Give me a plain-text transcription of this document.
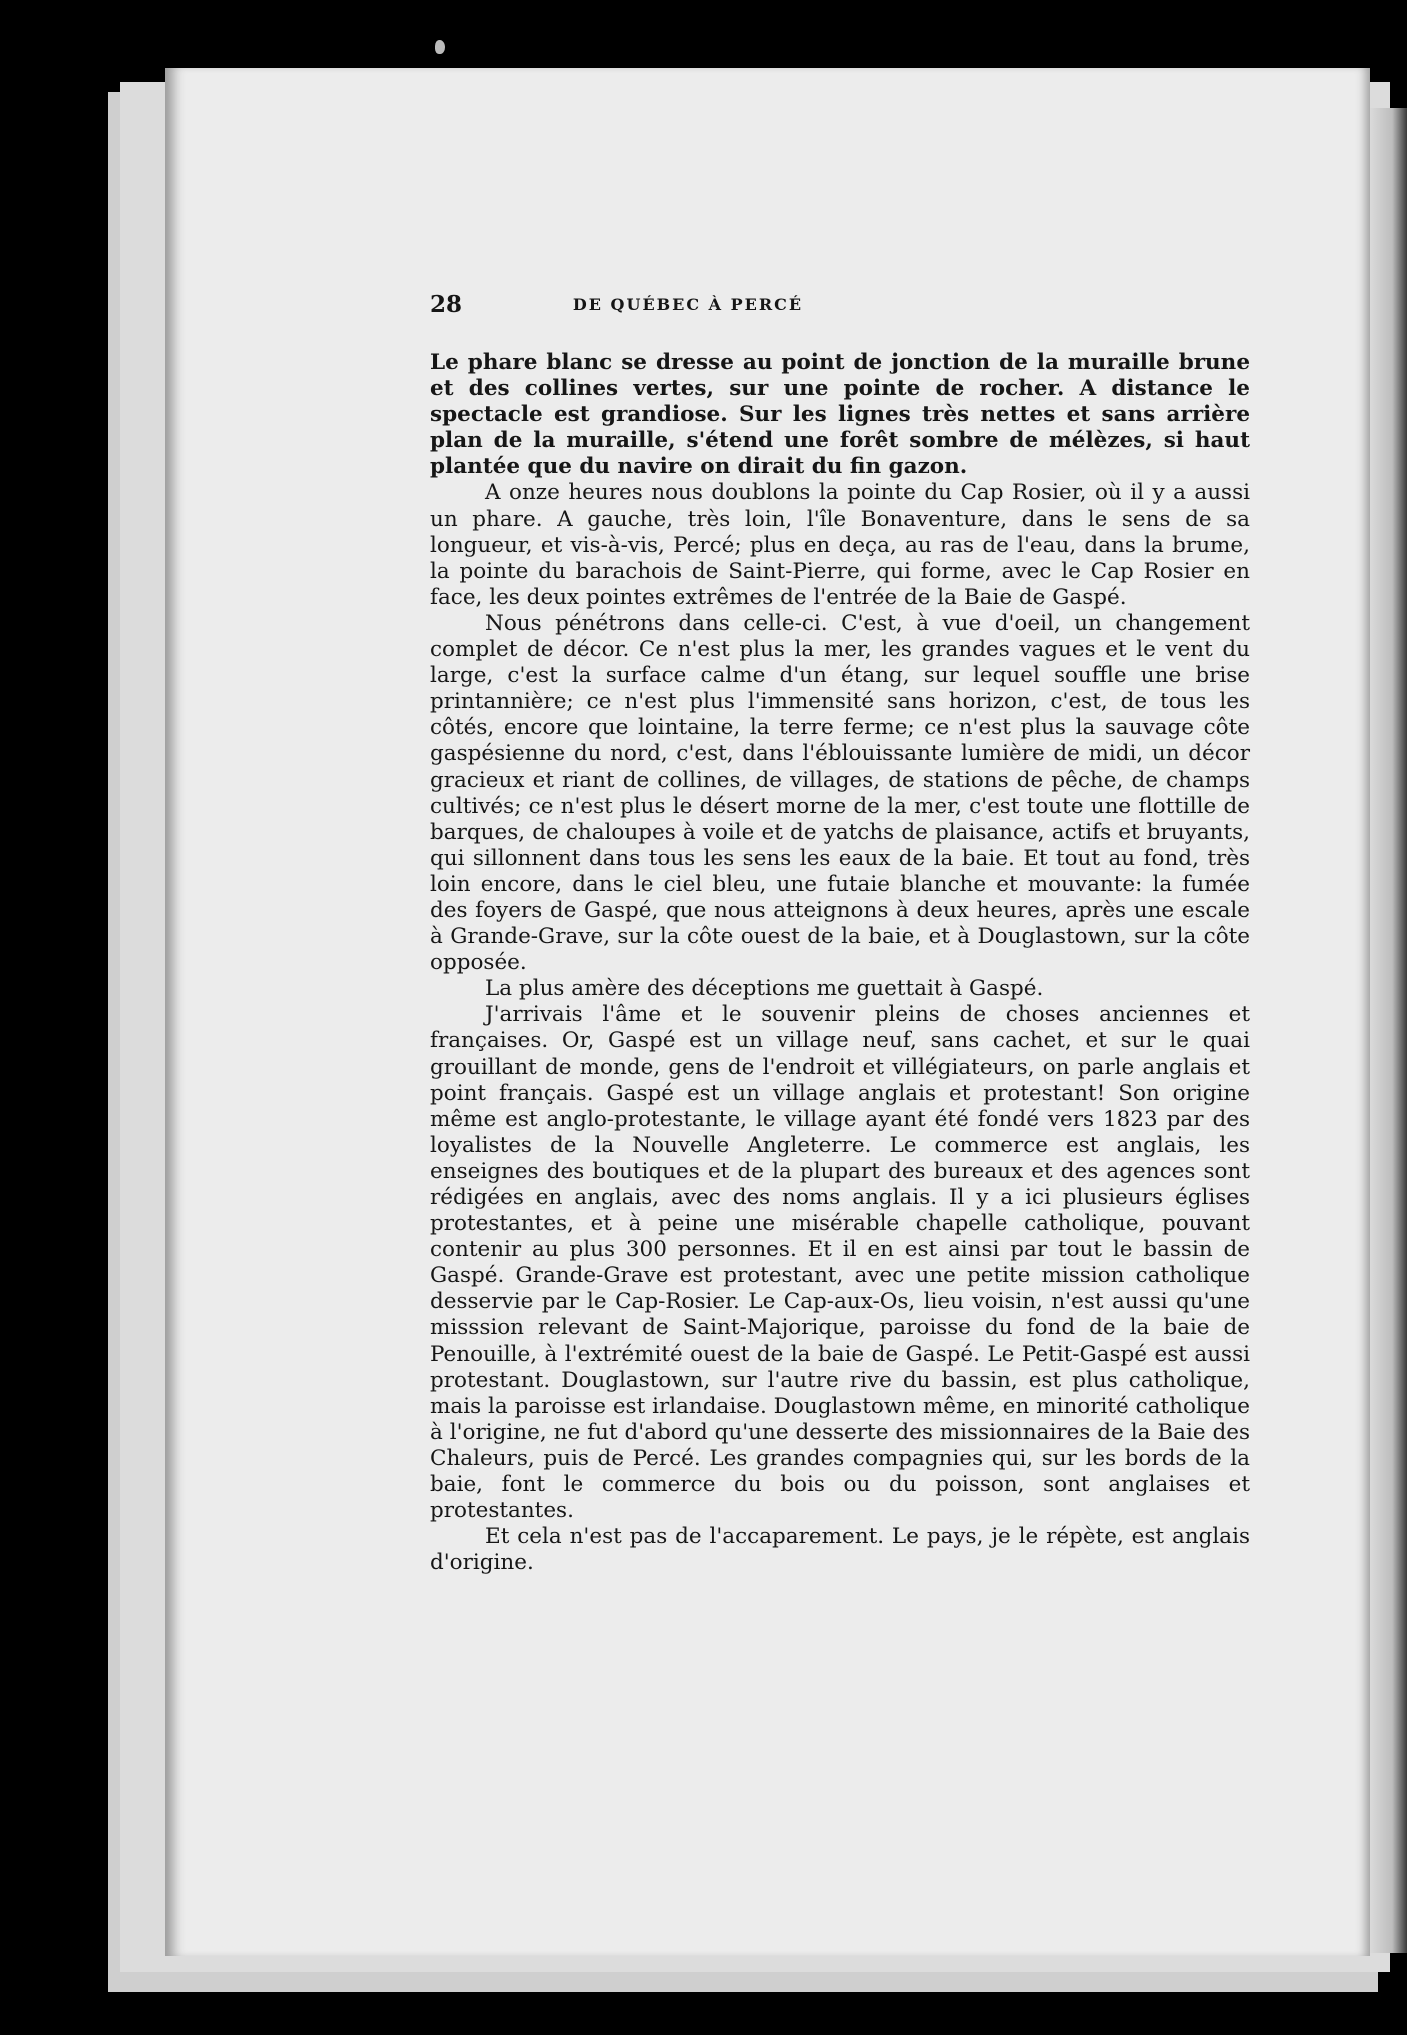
28	DE QUÉBEC À PERCÉ

Le phare blanc se dresse au point de jonction de la muraille brune et des collines vertes, sur une pointe de rocher. A distance le spectacle est grandiose. Sur les lignes très nettes et sans arrière plan de la muraille, s'étend une forêt sombre de mélèzes, si haut plantée que du navire on dirait du fin gazon.

A onze heures nous doublons la pointe du Cap Rosier, où il y a aussi un phare. A gauche, très loin, l'île Bonaventure, dans le sens de sa longueur, et vis-à-vis, Percé; plus en deça, au ras de l'eau, dans la brume, la pointe du barachois de Saint-Pierre, qui forme, avec le Cap Rosier en face, les deux pointes extrêmes de l'entrée de la Baie de Gaspé.

Nous pénétrons dans celle-ci. C'est, à vue d'oeil, un changement complet de décor. Ce n'est plus la mer, les grandes vagues et le vent du large, c'est la surface calme d'un étang, sur lequel souffle une brise printannière; ce n'est plus l'immensité sans horizon, c'est, de tous les côtés, encore que lointaine, la terre ferme; ce n'est plus la sauvage côte gaspésienne du nord, c'est, dans l'éblouissante lumière de midi, un décor gracieux et riant de collines, de villages, de stations de pêche, de champs cultivés; ce n'est plus le désert morne de la mer, c'est toute une flottille de barques, de chaloupes à voile et de yatchs de plaisance, actifs et bruyants, qui sillonnent dans tous les sens les eaux de la baie. Et tout au fond, très loin encore, dans le ciel bleu, une futaie blanche et mouvante: la fumée des foyers de Gaspé, que nous atteignons à deux heures, après une escale à Grande-Grave, sur la côte ouest de la baie, et à Douglastown, sur la côte opposée.

La plus amère des déceptions me guettait à Gaspé.

J'arrivais l'âme et le souvenir pleins de choses anciennes et françaises. Or, Gaspé est un village neuf, sans cachet, et sur le quai grouillant de monde, gens de l'endroit et villégiateurs, on parle anglais et point français. Gaspé est un village anglais et protestant! Son origine même est anglo-protestante, le village ayant été fondé vers 1823 par des loyalistes de la Nouvelle Angleterre. Le commerce est anglais, les enseignes des boutiques et de la plupart des bureaux et des agences sont rédigées en anglais, avec des noms anglais. Il y a ici plusieurs églises protestantes, et à peine une misérable chapelle catholique, pouvant contenir au plus 300 personnes. Et il en est ainsi par tout le bassin de Gaspé. Grande-Grave est protestant, avec une petite mission catholique desservie par le Cap-Rosier. Le Cap-aux-Os, lieu voisin, n'est aussi qu'une misssion relevant de Saint-Majorique, paroisse du fond de la baie de Penouille, à l'extrémité ouest de la baie de Gaspé. Le Petit-Gaspé est aussi protestant. Douglastown, sur l'autre rive du bassin, est plus catholique, mais la paroisse est irlandaise. Douglastown même, en minorité catholique à l'origine, ne fut d'abord qu'une desserte des missionnaires de la Baie des Chaleurs, puis de Percé. Les grandes compagnies qui, sur les bords de la baie, font le commerce du bois ou du poisson, sont anglaises et protestantes.

Et cela n'est pas de l'accaparement. Le pays, je le répète, est anglais d'origine.
